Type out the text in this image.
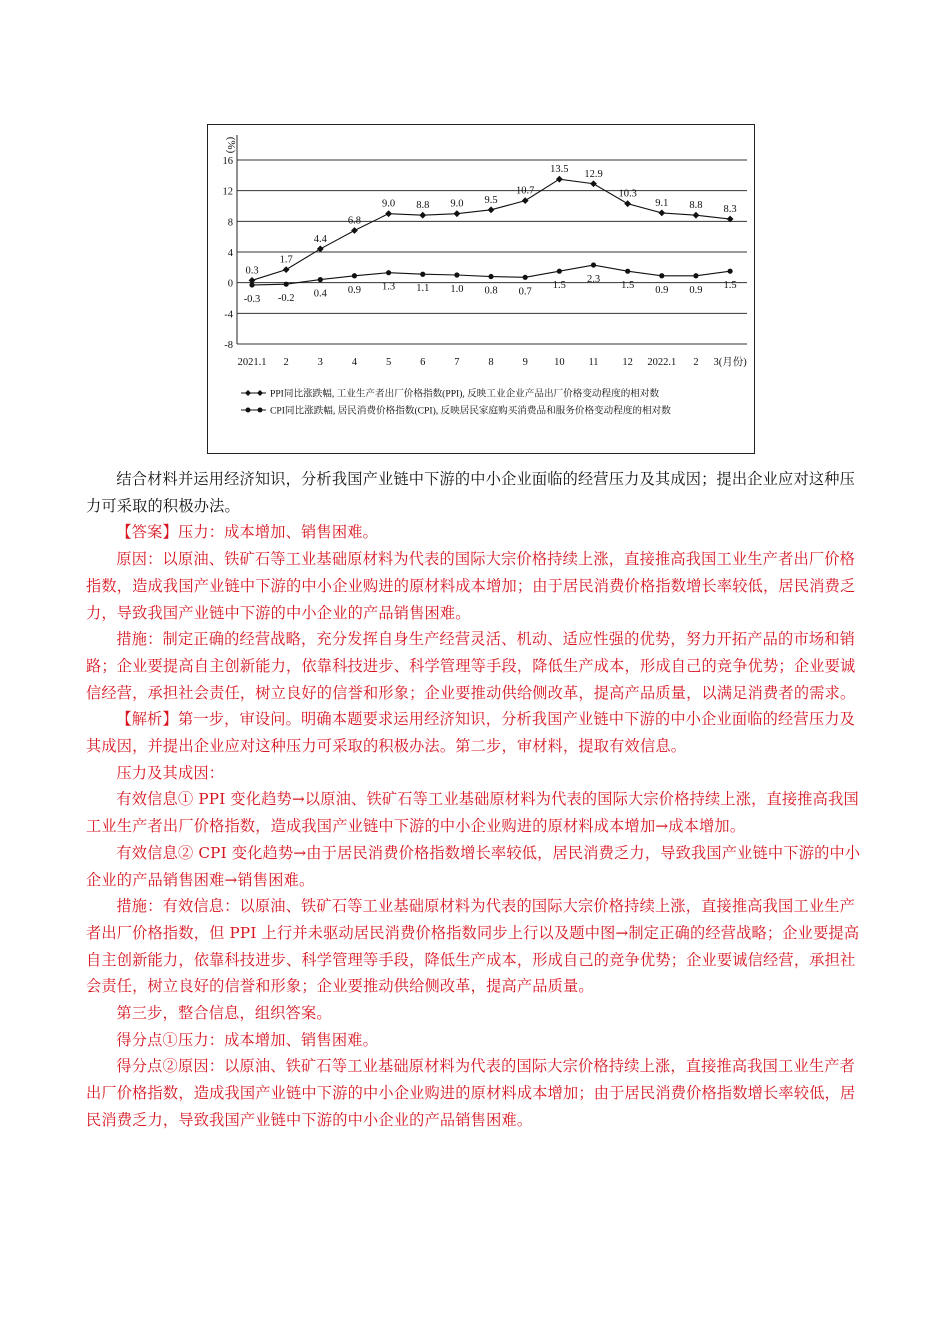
(%)
16
12
8
4
0
-4
-8
2021.1 2	3	4	5	6	7	8	9	10 11 12 2022.1 2 3(月份)
0.3
1.7
4.4
6.8
9.0 8.8 9.0 9.5
10.7
13.5 12.9
10.3
9.1 8.8 8.3
-0.3 -0.2 0.4 0.9 1.3 1.1 1.0 0.8 0.7
1.5
2.3
1.5 0.9 0.9 1.5
PPI同比涨跌幅, 工业生产者出厂价格指数(PPI), 反映工业企业产品出厂价格变动程度的相对数
CPI同比涨跌幅, 居民消费价格指数(CPI), 反映居民家庭购买消费品和服务价格变动程度的相对数

结合材料并运用经济知识，分析我国产业链中下游的中小企业面临的经营压力及其成因；提出企业应对这种压力可采取的积极办法。

【答案】压力：成本增加、销售困难。

原因：以原油、铁矿石等工业基础原材料为代表的国际大宗价格持续上涨，直接推高我国工业生产者出厂价格指数，造成我国产业链中下游的中小企业购进的原材料成本增加；由于居民消费价格指数增长率较低，居民消费乏力，导致我国产业链中下游的中小企业的产品销售困难。

措施：制定正确的经营战略，充分发挥自身生产经营灵活、机动、适应性强的优势，努力开拓产品的市场和销路；企业要提高自主创新能力，依靠科技进步、科学管理等手段，降低生产成本，形成自己的竞争优势；企业要诚信经营，承担社会责任，树立良好的信誉和形象；企业要推动供给侧改革，提高产品质量，以满足消费者的需求。

【解析】第一步，审设问。明确本题要求运用经济知识，分析我国产业链中下游的中小企业面临的经营压力及其成因，并提出企业应对这种压力可采取的积极办法。第二步，审材料，提取有效信息。

压力及其成因：

有效信息① PPI 变化趋势→以原油、铁矿石等工业基础原材料为代表的国际大宗价格持续上涨，直接推高我国工业生产者出厂价格指数，造成我国产业链中下游的中小企业购进的原材料成本增加→成本增加。

有效信息② CPI 变化趋势→由于居民消费价格指数增长率较低，居民消费乏力，导致我国产业链中下游的中小企业的产品销售困难→销售困难。

措施：有效信息：以原油、铁矿石等工业基础原材料为代表的国际大宗价格持续上涨，直接推高我国工业生产者出厂价格指数，但 PPI 上行并未驱动居民消费价格指数同步上行以及题中图→制定正确的经营战略；企业要提高自主创新能力，依靠科技进步、科学管理等手段，降低生产成本，形成自己的竞争优势；企业要诚信经营，承担社会责任，树立良好的信誉和形象；企业要推动供给侧改革，提高产品质量。

第三步，整合信息，组织答案。

得分点①压力：成本增加、销售困难。

得分点②原因：以原油、铁矿石等工业基础原材料为代表的国际大宗价格持续上涨，直接推高我国工业生产者出厂价格指数，造成我国产业链中下游的中小企业购进的原材料成本增加；由于居民消费价格指数增长率较低，居民消费乏力，导致我国产业链中下游的中小企业的产品销售困难。
